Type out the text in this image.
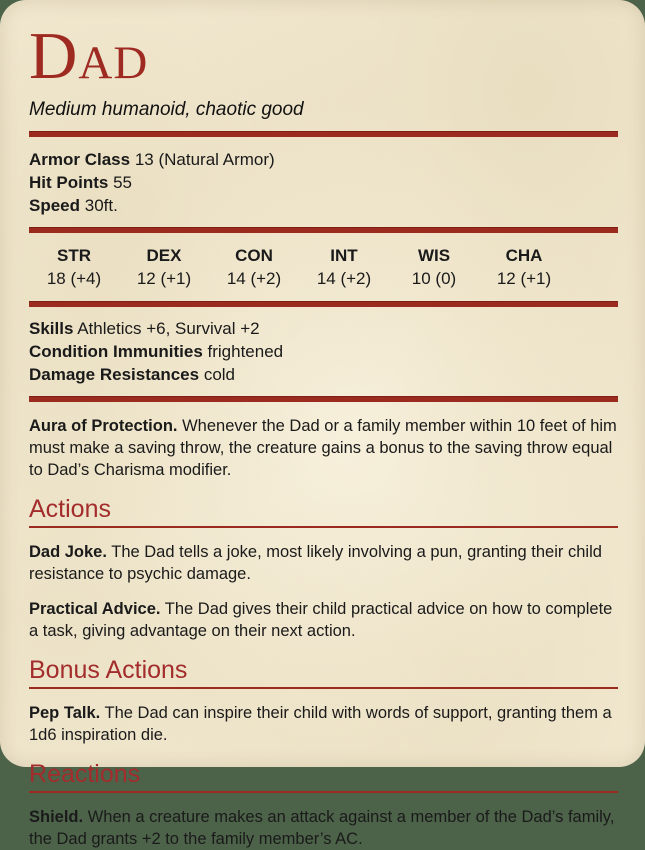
DAD
Medium humanoid, chaotic good
Armor Class 13 (Natural Armor)
Hit Points 55
Speed 30ft.
STR
18 (+4)
DEX
12 (+1)
CON
14 (+2)
INT
14 (+2)
WIS
10 (0)
CHA
12 (+1)
Skills Athletics +6, Survival +2
Condition Immunities frightened
Damage Resistances cold

Aura of Protection. Whenever the Dad or a family member within 10 feet of him must make a saving throw, the creature gains a bonus to the saving throw equal to Dad’s Charisma modifier.

Actions

Dad Joke. The Dad tells a joke, most likely involving a pun, granting their child resistance to psychic damage.

Practical Advice. The Dad gives their child practical advice on how to complete a task, giving advantage on their next action.

Bonus Actions

Pep Talk. The Dad can inspire their child with words of support, granting them a 1d6 inspiration die.

Reactions

Shield. When a creature makes an attack against a member of the Dad’s family, the Dad grants +2 to the family member’s AC.
